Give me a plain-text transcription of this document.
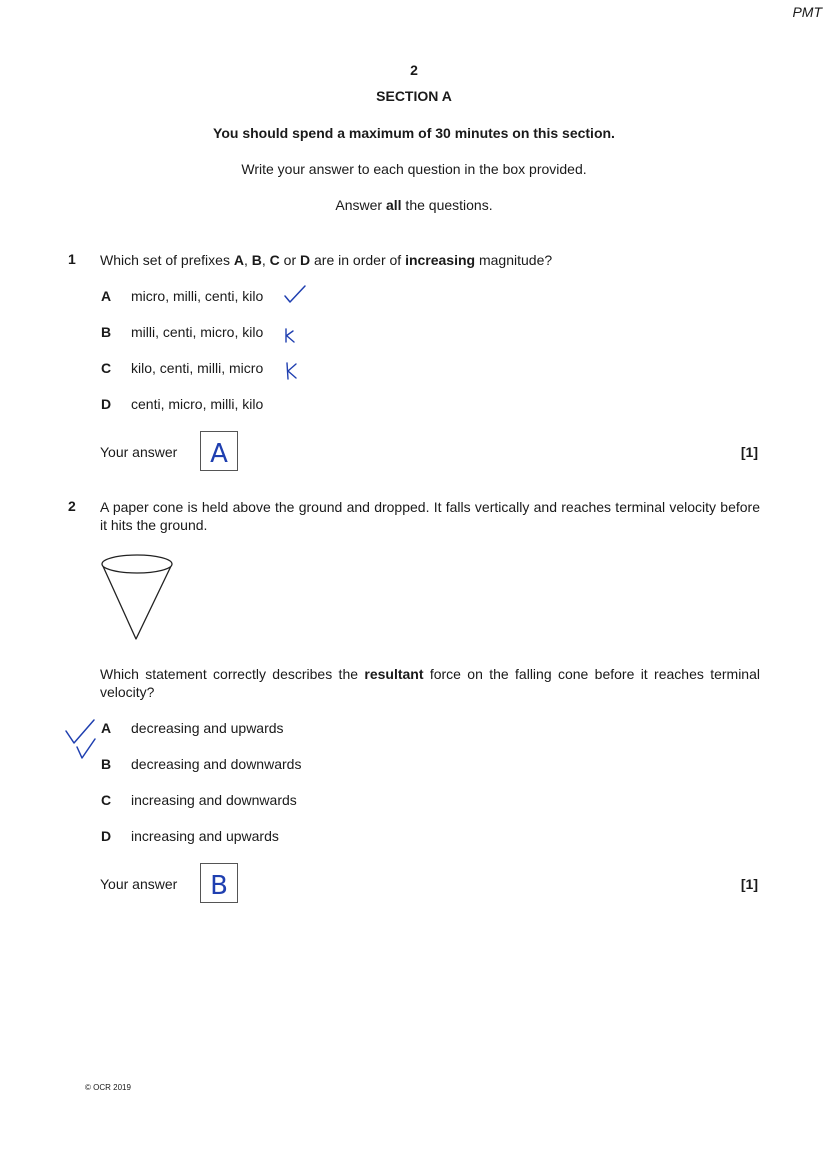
PMT
2
SECTION A
You should spend a maximum of 30 minutes on this section.
Write your answer to each question in the box provided.
Answer all the questions.
1 Which set of prefixes A, B, C or D are in order of increasing magnitude?
A micro, milli, centi, kilo
B milli, centi, micro, kilo
C kilo, centi, milli, micro
D centi, micro, milli, kilo
Your answer	A	[1]
2 A paper cone is held above the ground and dropped. It falls vertically and reaches terminal velocity before it hits the ground.
Which statement correctly describes the resultant force on the falling cone before it reaches terminal velocity?
A decreasing and upwards
B decreasing and downwards
C increasing and downwards
D increasing and upwards
Your answer	B	[1]
© OCR 2019
